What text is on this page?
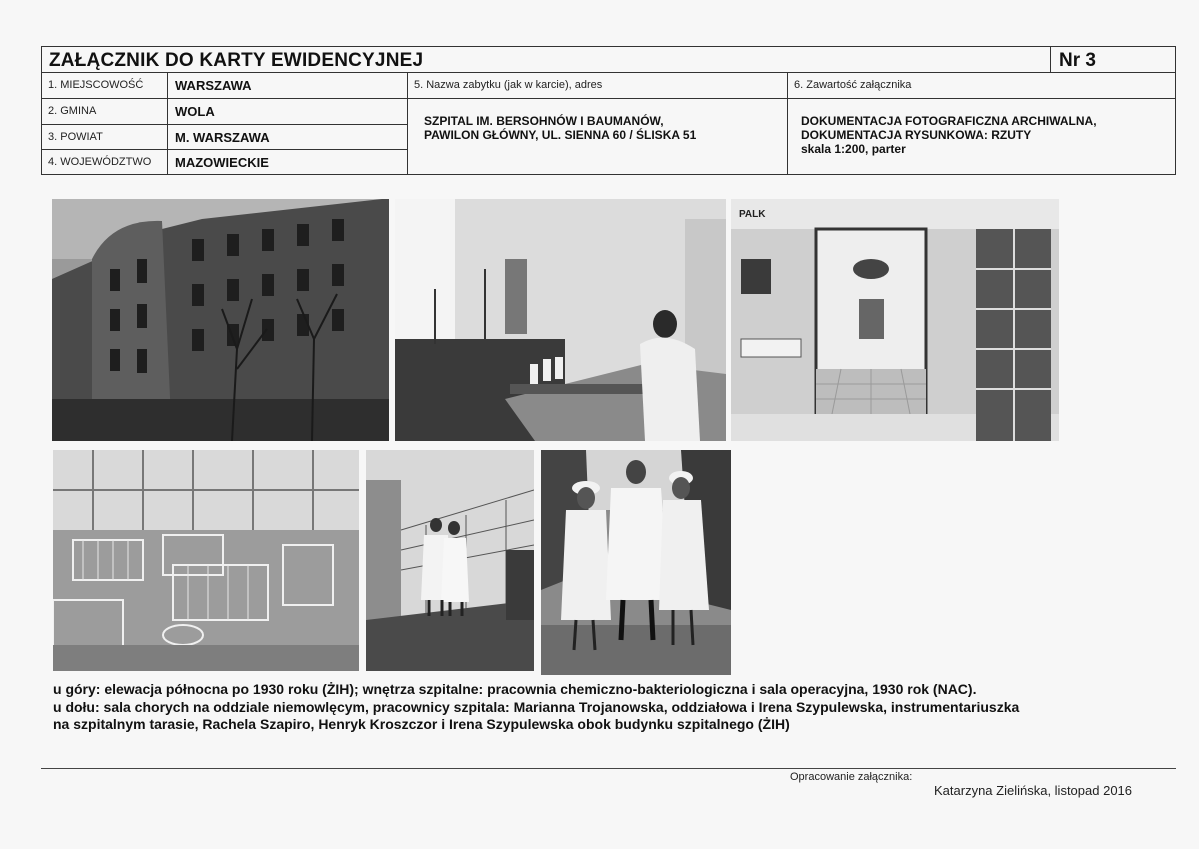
ZAŁĄCZNIK DO KARTY EWIDENCYJNEJ	Nr 3
1. MIEJSCOWOŚĆ
2. GMINA
3. POWIAT
4. WOJEWÓDZTWO
WARSZAWA
WOLA
M. WARSZAWA
MAZOWIECKIE
5. Nazwa zabytku (jak w karcie), adres
SZPITAL IM. BERSOHNÓW I BAUMANÓW,
PAWILON GŁÓWNY, UL. SIENNA 60 / ŚLISKA 51
6. Zawartość załącznika
DOKUMENTACJA FOTOGRAFICZNA ARCHIWALNA,
DOKUMENTACJA RYSUNKOWA: RZUTY
skala 1:200, parter
PALK
u góry: elewacja północna po 1930 roku (ŻIH); wnętrza szpitalne: pracownia chemiczno-bakteriologiczna i sala operacyjna, 1930 rok (NAC).
u dołu: sala chorych na oddziale niemowlęcym, pracownicy szpitala: Marianna Trojanowska, oddziałowa i Irena Szypulewska, instrumentariuszka
na szpitalnym tarasie, Rachela Szapiro, Henryk Kroszczor i Irena Szypulewska obok budynku szpitalnego (ŻIH)
Opracowanie załącznika:
Katarzyna Zielińska, listopad 2016
